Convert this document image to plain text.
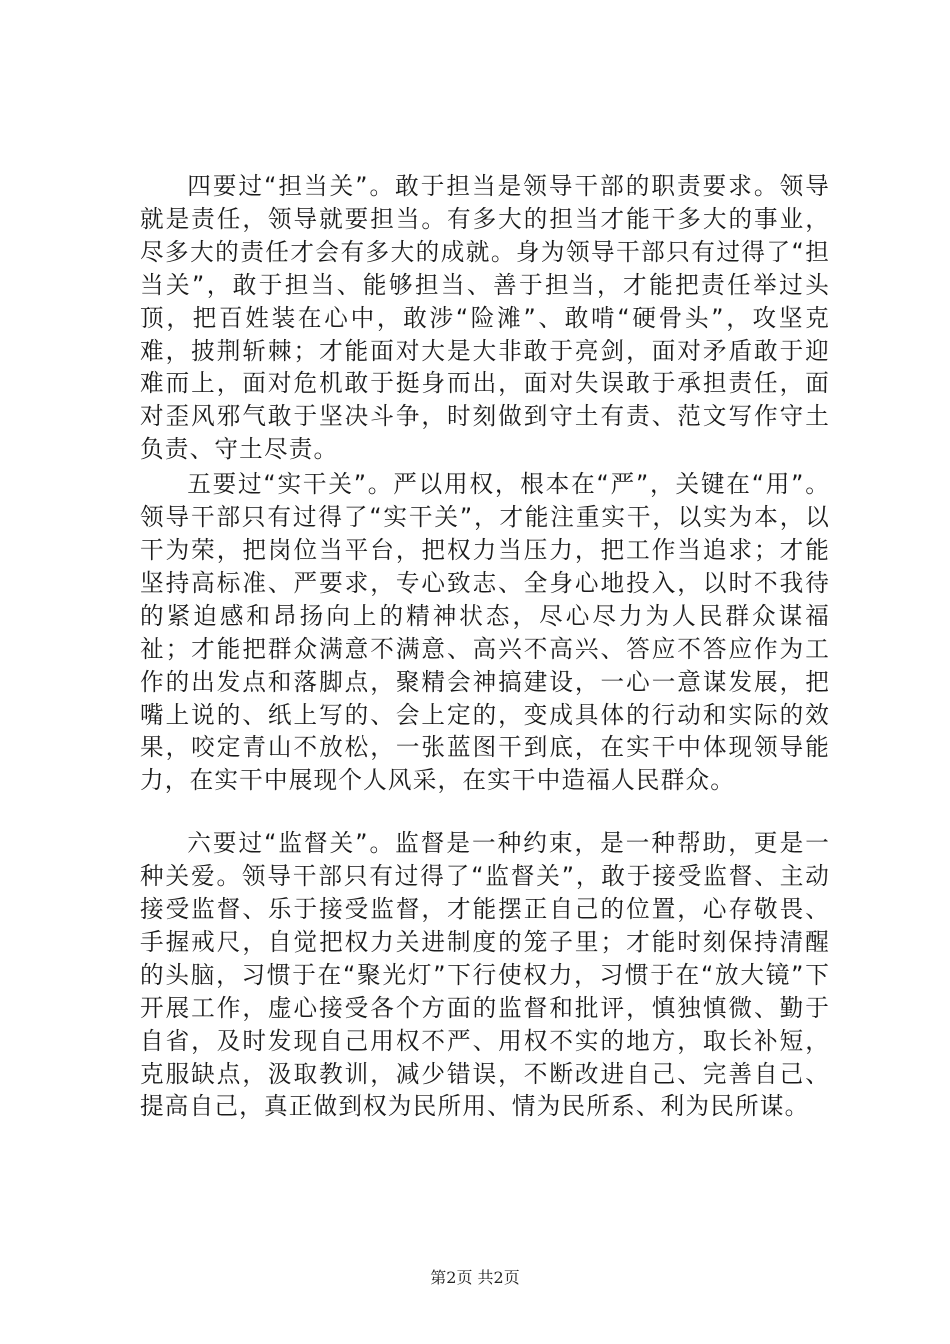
四要过“担当关”。敢于担当是领导干部的职责要求。领导就是责任，领导就要担当。有多大的担当才能干多大的事业，尽多大的责任才会有多大的成就。身为领导干部只有过得了“担当关”，敢于担当、能够担当、善于担当，才能把责任举过头顶，把百姓装在心中，敢涉“险滩”、敢啃“硬骨头”，攻坚克难，披荆斩棘；才能面对大是大非敢于亮剑，面对矛盾敢于迎难而上，面对危机敢于挺身而出，面对失误敢于承担责任，面对歪风邪气敢于坚决斗争，时刻做到守土有责、范文写作守土负责、守土尽责。

五要过“实干关”。严以用权，根本在“严”，关键在“用”。领导干部只有过得了“实干关”，才能注重实干，以实为本，以干为荣，把岗位当平台，把权力当压力，把工作当追求；才能坚持高标准、严要求，专心致志、全身心地投入，以时不我待的紧迫感和昂扬向上的精神状态，尽心尽力为人民群众谋福祉；才能把群众满意不满意、高兴不高兴、答应不答应作为工作的出发点和落脚点，聚精会神搞建设，一心一意谋发展，把嘴上说的、纸上写的、会上定的，变成具体的行动和实际的效果，咬定青山不放松，一张蓝图干到底，在实干中体现领导能力，在实干中展现个人风采，在实干中造福人民群众。

六要过“监督关”。监督是一种约束，是一种帮助，更是一种关爱。领导干部只有过得了“监督关”，敢于接受监督、主动接受监督、乐于接受监督，才能摆正自己的位置，心存敬畏、手握戒尺，自觉把权力关进制度的笼子里；才能时刻保持清醒的头脑，习惯于在“聚光灯”下行使权力，习惯于在“放大镜”下开展工作，虚心接受各个方面的监督和批评，慎独慎微、勤于自省，及时发现自己用权不严、用权不实的地方，取长补短，克服缺点，汲取教训，减少错误，不断改进自己、完善自己、提高自己，真正做到权为民所用、情为民所系、利为民所谋。

第2页 共2页
